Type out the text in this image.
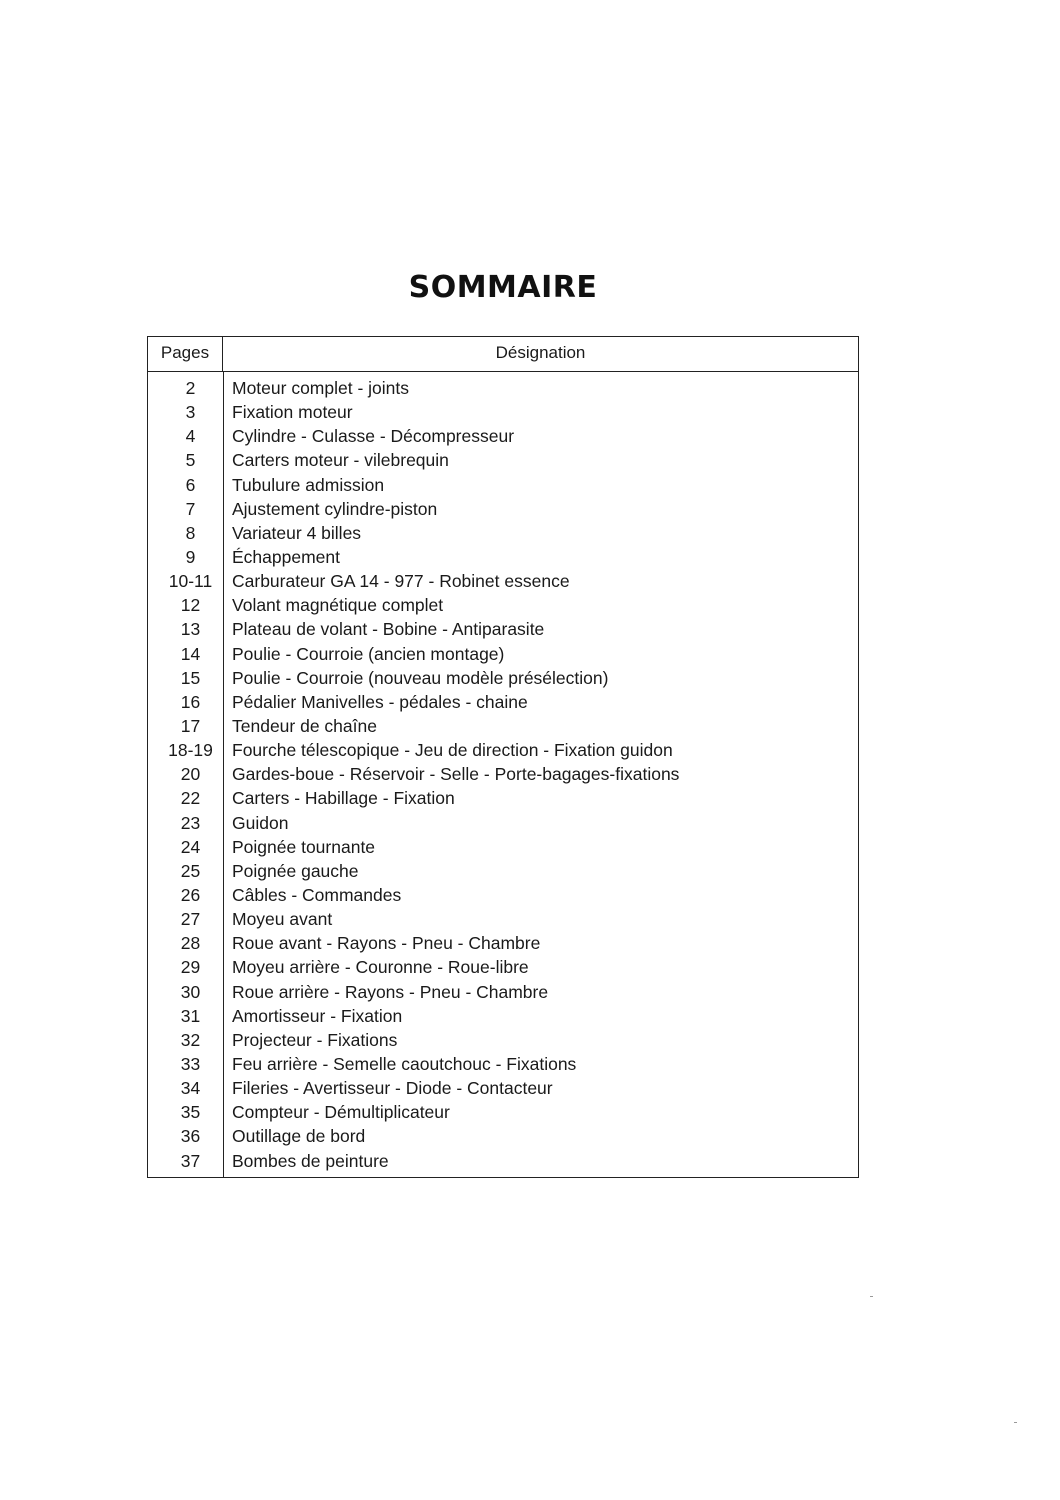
SOMMAIRE
Pages	Désignation
2	Moteur complet - joints
3	Fixation moteur
4	Cylindre - Culasse - Décompresseur
5	Carters moteur - vilebrequin
6	Tubulure admission
7	Ajustement cylindre-piston
8	Variateur 4 billes
9	Échappement
10-11	Carburateur GA 14 - 977 - Robinet essence
12	Volant magnétique complet
13	Plateau de volant - Bobine - Antiparasite
14	Poulie - Courroie (ancien montage)
15	Poulie - Courroie (nouveau modèle présélection)
16	Pédalier Manivelles - pédales - chaine
17	Tendeur de chaîne
18-19	Fourche télescopique - Jeu de direction - Fixation guidon
20	Gardes-boue - Réservoir - Selle - Porte-bagages-fixations
22	Carters - Habillage - Fixation
23	Guidon
24	Poignée tournante
25	Poignée gauche
26	Câbles - Commandes
27	Moyeu avant
28	Roue avant - Rayons - Pneu - Chambre
29	Moyeu arrière - Couronne - Roue-libre
30	Roue arrière - Rayons - Pneu - Chambre
31	Amortisseur - Fixation
32	Projecteur - Fixations
33	Feu arrière - Semelle caoutchouc - Fixations
34	Fileries - Avertisseur - Diode - Contacteur
35	Compteur - Démultiplicateur
36	Outillage de bord
37	Bombes de peinture
